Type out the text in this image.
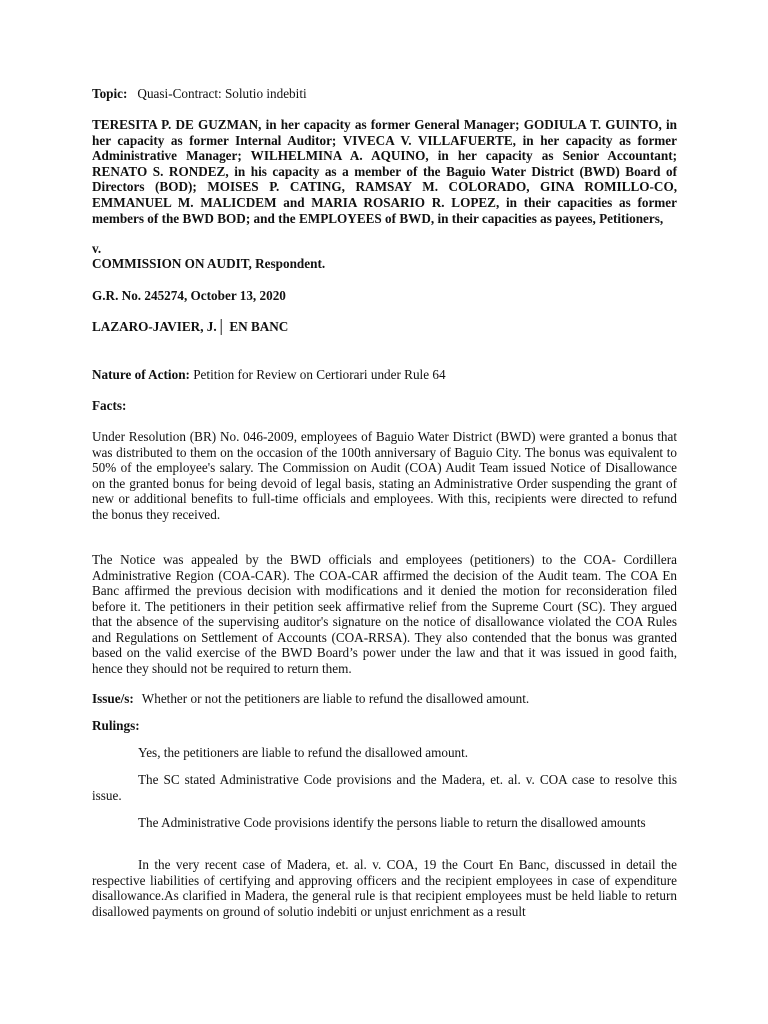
Topic: Quasi-Contract: Solutio indebiti
TERESITA P. DE GUZMAN, in her capacity as former General Manager; GODIULA T. GUINTO, in her capacity as former Internal Auditor; VIVECA V. VILLAFUERTE, in her capacity as former Administrative Manager; WILHELMINA A. AQUINO, in her capacity as Senior Accountant; RENATO S. RONDEZ, in his capacity as a member of the Baguio Water District (BWD) Board of Directors (BOD); MOISES P. CATING, RAMSAY M. COLORADO, GINA ROMILLO-CO, EMMANUEL M. MALICDEM and MARIA ROSARIO R. LOPEZ, in their capacities as former members of the BWD BOD; and the EMPLOYEES of BWD, in their capacities as payees, Petitioners,
v.
COMMISSION ON AUDIT, Respondent.
G.R. No. 245274, October 13, 2020
LAZARO-JAVIER, J.│ EN BANC
Nature of Action: Petition for Review on Certiorari under Rule 64
Facts:
Under Resolution (BR) No. 046-2009, employees of Baguio Water District (BWD) were granted a bonus that was distributed to them on the occasion of the 100th anniversary of Baguio City. The bonus was equivalent to 50% of the employee's salary. The Commission on Audit (COA) Audit Team issued Notice of Disallowance on the granted bonus for being devoid of legal basis, stating an Administrative Order suspending the grant of new or additional benefits to full-time officials and employees. With this, recipients were directed to refund the bonus they received.
The Notice was appealed by the BWD officials and employees (petitioners) to the COA- Cordillera Administrative Region (COA-CAR). The COA-CAR affirmed the decision of the Audit team. The COA En Banc affirmed the previous decision with modifications and it denied the motion for reconsideration filed before it. The petitioners in their petition seek affirmative relief from the Supreme Court (SC). They argued that the absence of the supervising auditor's signature on the notice of disallowance violated the COA Rules and Regulations on Settlement of Accounts (COA-RRSA). They also contended that the bonus was granted based on the valid exercise of the BWD Board’s power under the law and that it was issued in good faith, hence they should not be required to return them.
Issue/s: Whether or not the petitioners are liable to refund the disallowed amount.
Rulings:
Yes, the petitioners are liable to refund the disallowed amount.
The SC stated Administrative Code provisions and the Madera, et. al. v. COA case to resolve this issue.
The Administrative Code provisions identify the persons liable to return the disallowed amounts
In the very recent case of Madera, et. al. v. COA, 19 the Court En Banc, discussed in detail the respective liabilities of certifying and approving officers and the recipient employees in case of expenditure disallowance.As clarified in Madera, the general rule is that recipient employees must be held liable to return disallowed payments on ground of solutio indebiti or unjust enrichment as a result
